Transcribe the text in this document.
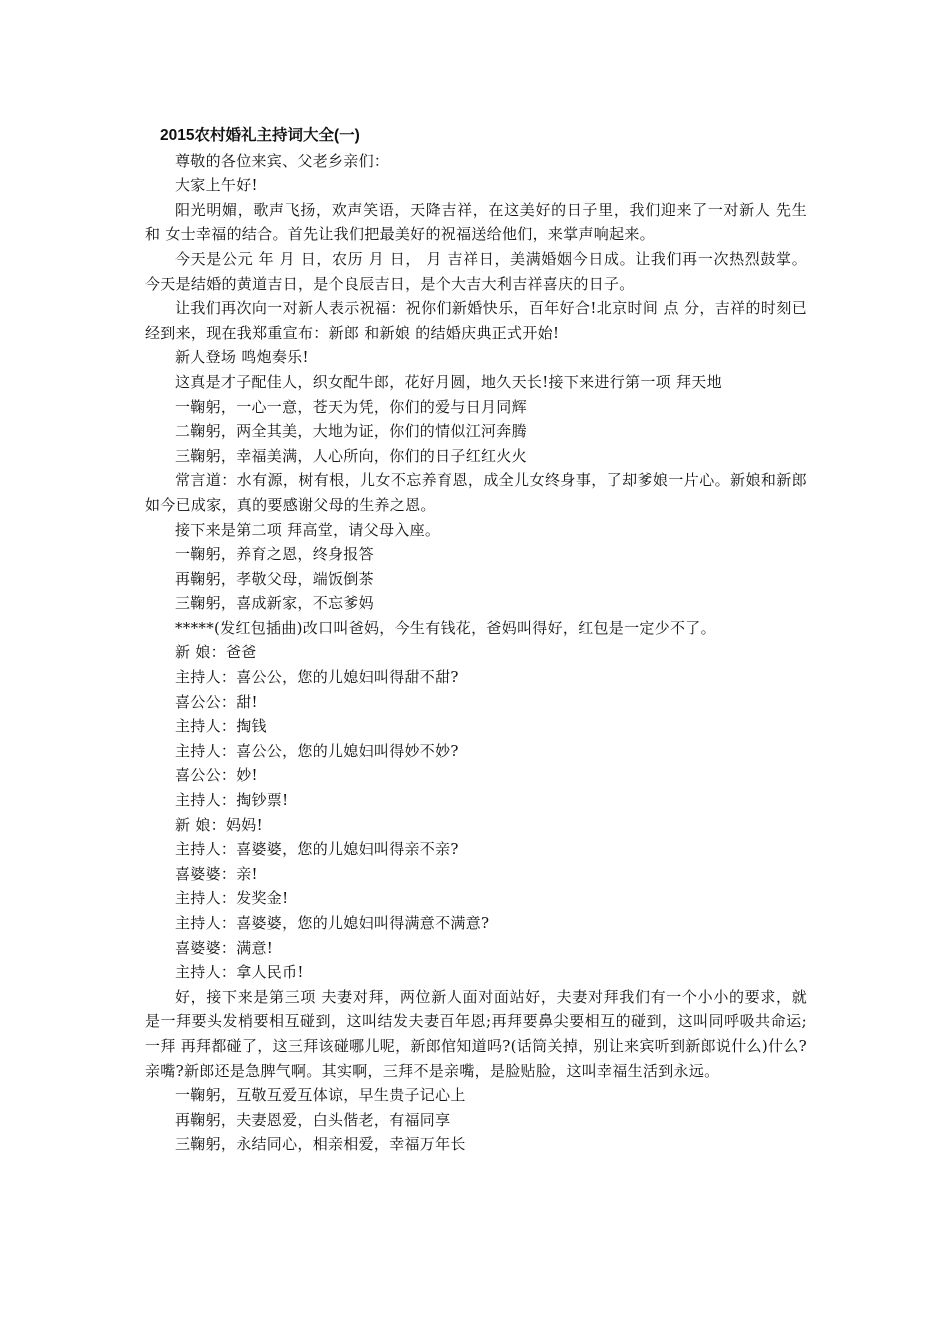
2015农村婚礼主持词大全(一)

尊敬的各位来宾、父老乡亲们：

大家上午好!

阳光明媚，歌声飞扬，欢声笑语，天降吉祥，在这美好的日子里，我们迎来了一对新人 先生和 女士幸福的结合。首先让我们把最美好的祝福送给他们，来掌声响起来。

今天是公元 年 月 日，农历 月 日， 月 吉祥日，美满婚姻今日成。让我们再一次热烈鼓掌。今天是结婚的黄道吉日，是个良辰吉日，是个大吉大利吉祥喜庆的日子。

让我们再次向一对新人表示祝福：祝你们新婚快乐，百年好合!北京时间 点 分，吉祥的时刻已经到来，现在我郑重宣布：新郎 和新娘 的结婚庆典正式开始!

新人登场 鸣炮奏乐!

这真是才子配佳人，织女配牛郎，花好月圆，地久天长!接下来进行第一项 拜天地

一鞠躬，一心一意，苍天为凭，你们的爱与日月同辉

二鞠躬，两全其美，大地为证，你们的情似江河奔腾

三鞠躬，幸福美满，人心所向，你们的日子红红火火

常言道：水有源，树有根，儿女不忘养育恩，成全儿女终身事，了却爹娘一片心。新娘和新郎如今已成家，真的要感谢父母的生养之恩。

接下来是第二项 拜高堂，请父母入座。

一鞠躬，养育之恩，终身报答

再鞠躬，孝敬父母，端饭倒茶

三鞠躬，喜成新家，不忘爹妈

*****(发红包插曲)改口叫爸妈，今生有钱花，爸妈叫得好，红包是一定少不了。

新 娘：爸爸

主持人：喜公公，您的儿媳妇叫得甜不甜?

喜公公：甜!

主持人：掏钱

主持人：喜公公，您的儿媳妇叫得妙不妙?

喜公公：妙!

主持人：掏钞票!

新 娘：妈妈!

主持人：喜婆婆，您的儿媳妇叫得亲不亲?

喜婆婆：亲!

主持人：发奖金!

主持人：喜婆婆，您的儿媳妇叫得满意不满意?

喜婆婆：满意!

主持人：拿人民币!

好，接下来是第三项 夫妻对拜，两位新人面对面站好，夫妻对拜我们有一个小小的要求，就是一拜要头发梢要相互碰到，这叫结发夫妻百年恩;再拜要鼻尖要相互的碰到，这叫同呼吸共命运;一拜 再拜都碰了，这三拜该碰哪儿呢，新郎倌知道吗?(话筒关掉，别让来宾听到新郎说什么)什么?亲嘴?新郎还是急脾气啊。其实啊，三拜不是亲嘴，是脸贴脸，这叫幸福生活到永远。

一鞠躬，互敬互爱互体谅，早生贵子记心上

再鞠躬，夫妻恩爱，白头偕老，有福同享

三鞠躬，永结同心，相亲相爱，幸福万年长
